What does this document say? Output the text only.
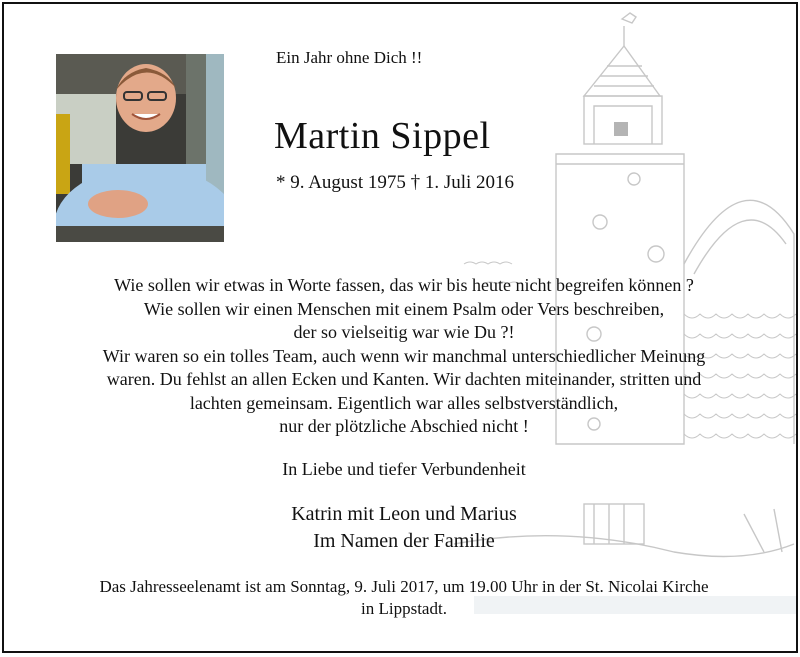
Ein Jahr ohne Dich !!
Martin Sippel
* 9. August 1975 † 1. Juli 2016
Wie sollen wir etwas in Worte fassen, das wir bis heute nicht begreifen können ?
Wie sollen wir einen Menschen mit einem Psalm oder Vers beschreiben,
der so vielseitig war wie Du ?!
Wir waren so ein tolles Team, auch wenn wir manchmal unterschiedlicher Meinung
waren. Du fehlst an allen Ecken und Kanten. Wir dachten miteinander, stritten und
lachten gemeinsam. Eigentlich war alles selbstverständlich,
nur der plötzliche Abschied nicht !
In Liebe und tiefer Verbundenheit
Katrin mit Leon und Marius
Im Namen der Familie
Das Jahresseelenamt ist am Sonntag, 9. Juli 2017, um 19.00 Uhr in der St. Nicolai Kirche
in Lippstadt.
